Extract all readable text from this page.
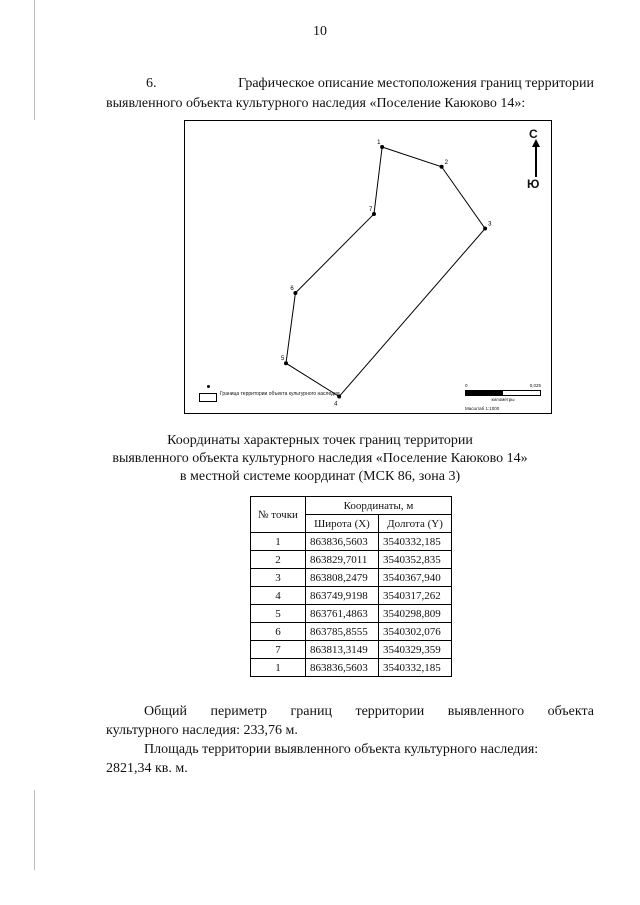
10
6.	Графическое описание местоположения границ территории
выявленного объекта культурного наследия «Поселение Каюково 14»:
1
2
3
4
5
6
7
С
Ю
Граница территории объекта культурного наследия
0	0,025
километры
Масштаб 1:1000
Координаты характерных точек границ территории
выявленного объекта культурного наследия «Поселение Каюково 14»
в местной системе координат (МСК 86, зона 3)
№ точки	Координаты, м	
	Широта (X)	Долгота (Y)
1	863836,5603	3540332,185
2	863829,7011	3540352,835
3	863808,2479	3540367,940
4	863749,9198	3540317,262
5	863761,4863	3540298,809
6	863785,8555	3540302,076
7	863813,3149	3540329,359
1	863836,5603	3540332,185
Общий периметр границ территории выявленного объекта
культурного наследия: 233,76 м.
Площадь территории выявленного объекта культурного наследия:
2821,34 кв. м.
